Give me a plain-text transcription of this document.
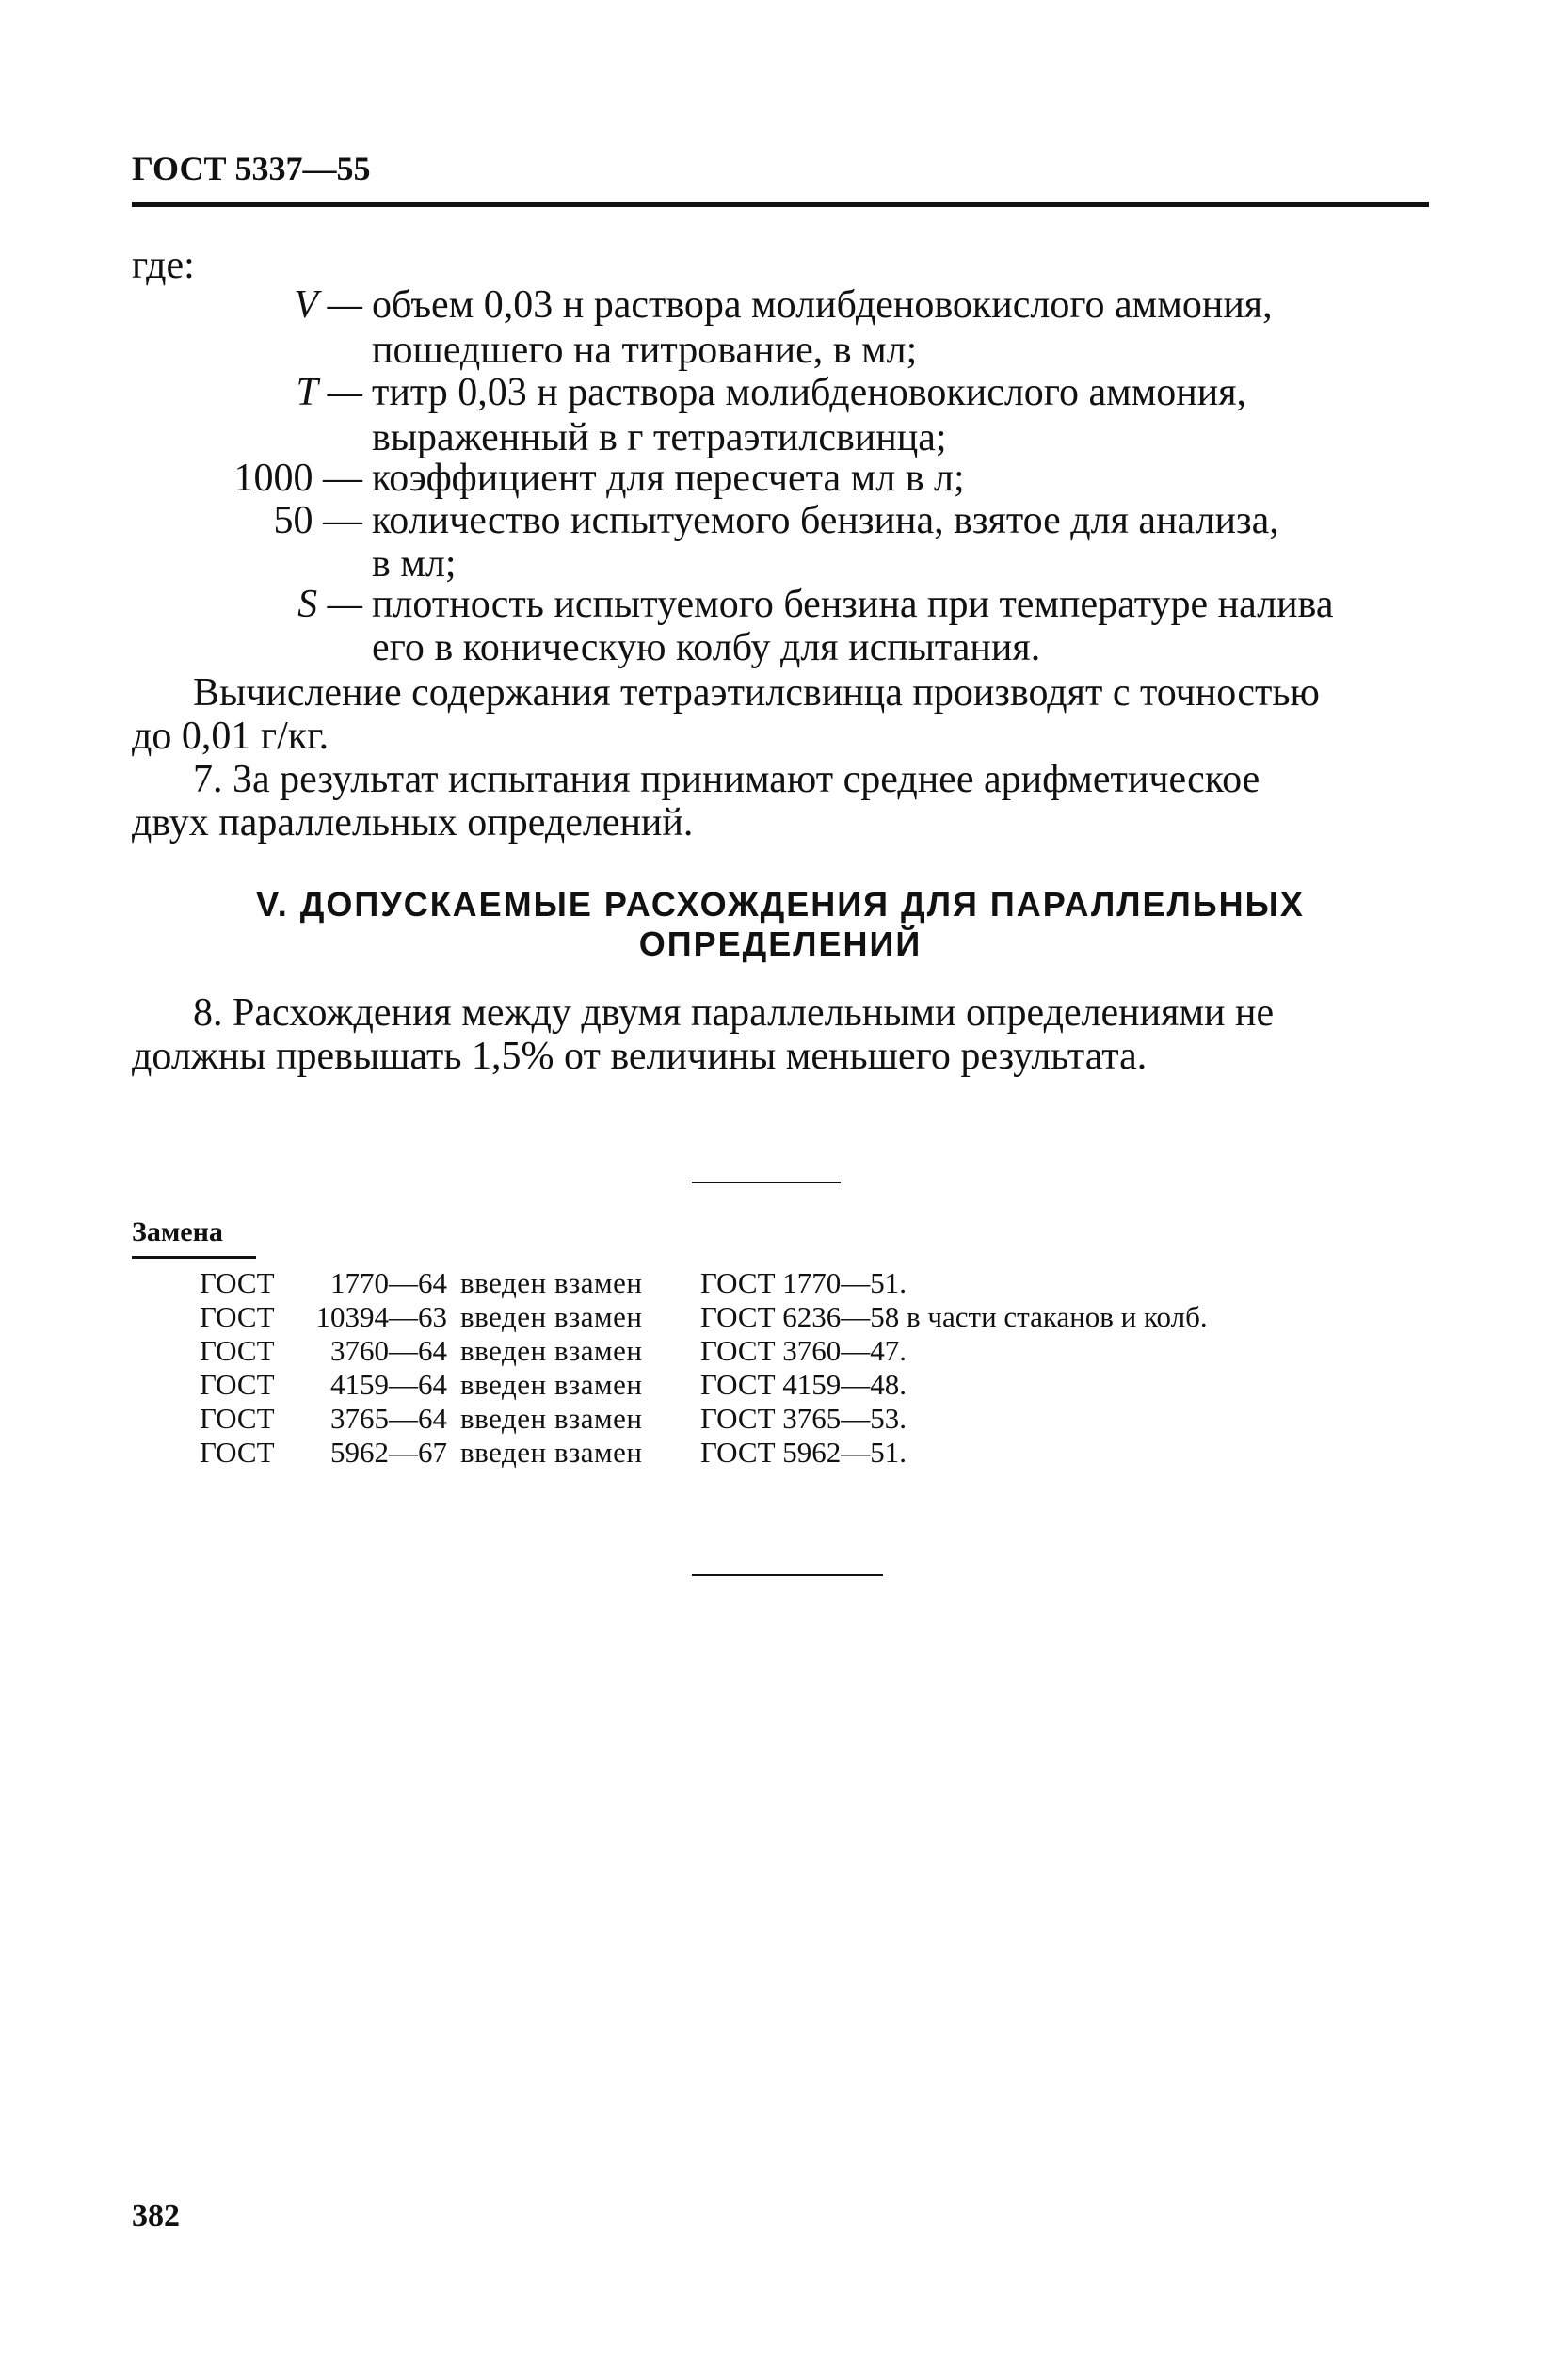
ГОСТ 5337—55
где:
V — объем 0,03 н раствора молибденовокислого аммония,
пошедшего на титрование, в мл;
T — титр 0,03 н раствора молибденовокислого аммония,
выраженный в г тетраэтилсвинца;
1000 — коэффициент для пересчета мл в л;
50 — количество испытуемого бензина, взятое для анализа,
в мл;
S — плотность испытуемого бензина при температуре налива
его в коническую колбу для испытания.
Вычисление содержания тетраэтилсвинца производят с точностью
до 0,01 г/кг.
7. За результат испытания принимают среднее арифметическое
двух параллельных определений.
V. ДОПУСКАЕМЫЕ РАСХОЖДЕНИЯ ДЛЯ ПАРАЛЛЕЛЬНЫХ
ОПРЕДЕЛЕНИЙ
8. Расхождения между двумя параллельными определениями не
должны превышать 1,5% от величины меньшего результата.
Замена
ГОСТ 1770—64 введен взамен ГОСТ 1770—51.
ГОСТ 10394—63 введен взамен ГОСТ 6236—58 в части стаканов и колб.
ГОСТ 3760—64 введен взамен ГОСТ 3760—47.
ГОСТ 4159—64 введен взамен ГОСТ 4159—48.
ГОСТ 3765—64 введен взамен ГОСТ 3765—53.
ГОСТ 5962—67 введен взамен ГОСТ 5962—51.
382
